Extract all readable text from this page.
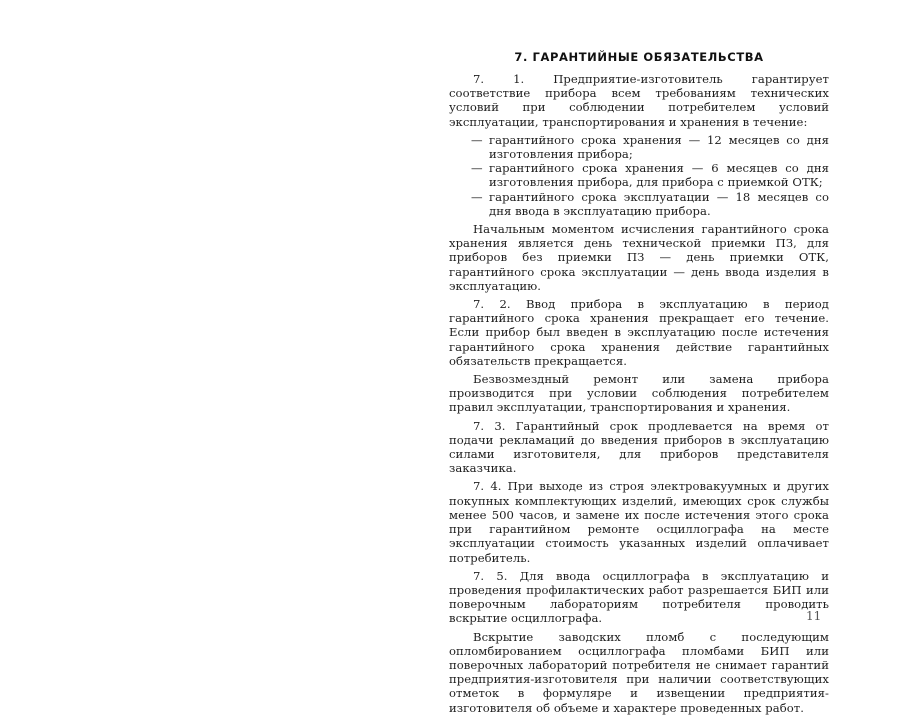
7. ГАРАНТИЙНЫЕ ОБЯЗАТЕЛЬСТВА

7. 1. Предприятие-изготовитель гарантирует соответствие прибора всем требованиям технических условий при соблюдении потребителем условий эксплуатации, транспортирования и хранения в течение:

— гарантийного срока хранения — 12 месяцев со дня изготовления прибора;

— гарантийного срока хранения — 6 месяцев со дня изготовления прибора, для прибора с приемкой ОТК;

— гарантийного срока эксплуатации — 18 месяцев со дня ввода в эксплуатацию прибора.

Начальным моментом исчисления гарантийного срока хранения является день технической приемки ПЗ, для приборов без приемки ПЗ — день приемки ОТК, гарантийного срока эксплуатации — день ввода изделия в эксплуатацию.

7. 2. Ввод прибора в эксплуатацию в период гарантийного срока хранения прекращает его течение. Если прибор был введен в эксплуатацию после истечения гарантийного срока хранения действие гарантийных обязательств прекращается.

Безвозмездный ремонт или замена прибора производится при условии соблюдения потребителем правил эксплуатации, транспортирования и хранения.

7. 3. Гарантийный срок продлевается на время от подачи рекламаций до введения приборов в эксплуатацию силами изготовителя, для приборов представителя заказчика.

7. 4. При выходе из строя электровакуумных и других покупных комплектующих изделий, имеющих срок службы менее 500 часов, и замене их после истечения этого срока при гарантийном ремонте осциллографа на месте эксплуатации стоимость указанных изделий оплачивает потребитель.

7. 5. Для ввода осциллографа в эксплуатацию и проведения профилактических работ разрешается БИП или поверочным лабораториям потребителя проводить вскрытие осциллографа.

Вскрытие заводских пломб с последующим опломбированием осциллографа пломбами БИП или поверочных лабораторий потребителя не снимает гарантий предприятия-изготовителя при наличии соответствующих отметок в формуляре и извещении предприятия-изготовителя об объеме и характере проведенных работ.

11
